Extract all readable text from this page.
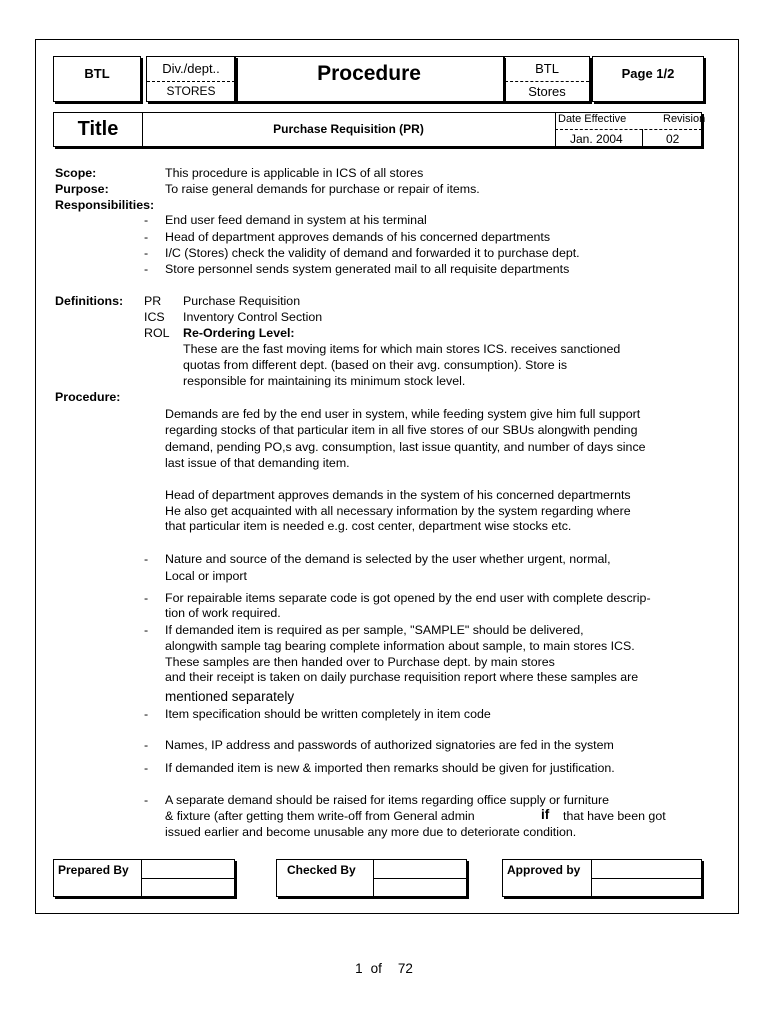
BTL	Div./dept..
STORES
Procedure	BTL
Stores
Page 1/2
Title	Purchase Requisition (PR)
Date Effective	Revision
Jan. 2004	02
Scope:	This procedure is applicable in ICS of all stores
Purpose:	To raise general demands for purchase or repair of items.
Responsibilities:
- End user feed demand in system at his terminal
- Head of department approves demands of his concerned departments
- I/C (Stores) check the validity of demand and forwarded it to purchase dept.
- Store personnel sends system generated mail to all requisite departments
Definitions: PR Purchase Requisition
ICS Inventory Control Section
ROL Re-Ordering Level:
These are the fast moving items for which main stores ICS. receives sanctioned
quotas from different dept. (based on their avg. consumption). Store is
responsible for maintaining its minimum stock level.
Procedure:
Demands are fed by the end user in system, while feeding system give him full support
regarding stocks of that particular item in all five stores of our SBUs alongwith pending
demand, pending PO,s avg. consumption, last issue quantity, and number of days since
last issue of that demanding item.
Head of department approves demands in the system of his concerned departmernts
He also get acquainted with all necessary information by the system regarding where
that particular item is needed e.g. cost center, department wise stocks etc.
- Nature and source of the demand is selected by the user whether urgent, normal,
Local or import
- For repairable items separate code is got opened by the end user with complete descrip-
tion of work required.
- If demanded item is required as per sample, "SAMPLE" should be delivered,
alongwith sample tag bearing complete information about sample, to main stores ICS.
These samples are then handed over to Purchase dept. by main stores
and their receipt is taken on daily purchase requisition report where these samples are
mentioned separately
- Item specification should be written completely in item code
- Names, IP address and passwords of authorized signatories are fed in the system
- If demanded item is new & imported then remarks should be given for justification.
- A separate demand should be raised for items regarding office supply or furniture
& fixture (after getting them write-off from General admin	if that have been got
issued earlier and become unusable any more due to deteriorate condition.
Prepared By	Checked By	Approved by
1 of 72
